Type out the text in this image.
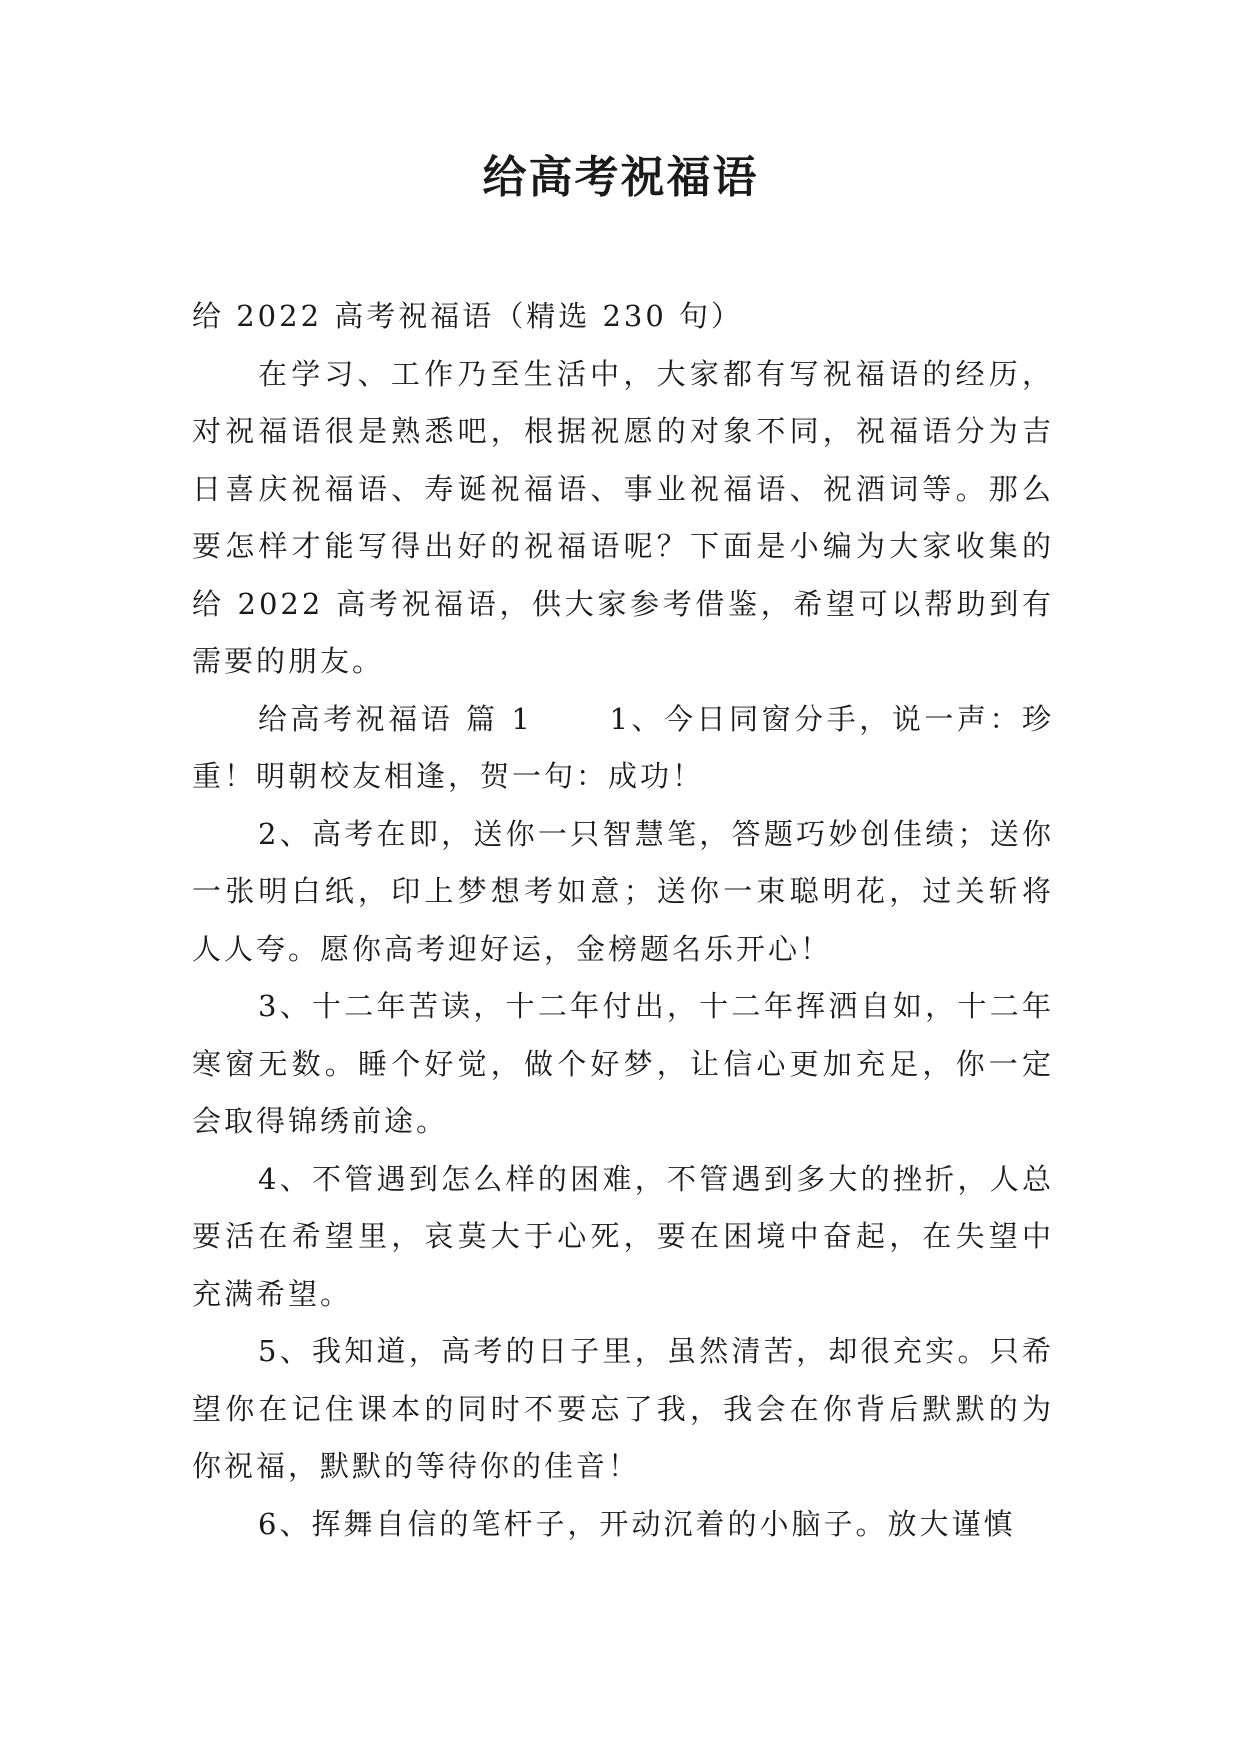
给高考祝福语

给 2022 高考祝福语（精选 230 句）

在学习、工作乃至生活中，大家都有写祝福语的经历，对祝福语很是熟悉吧，根据祝愿的对象不同，祝福语分为吉日喜庆祝福语、寿诞祝福语、事业祝福语、祝酒词等。那么要怎样才能写得出好的祝福语呢？下面是小编为大家收集的给 2022 高考祝福语，供大家参考借鉴，希望可以帮助到有需要的朋友。

给高考祝福语 篇 1	1、今日同窗分手，说一声：珍重！明朝校友相逢，贺一句：成功！

2、高考在即，送你一只智慧笔，答题巧妙创佳绩；送你一张明白纸，印上梦想考如意；送你一束聪明花，过关斩将人人夸。愿你高考迎好运，金榜题名乐开心！

3、十二年苦读，十二年付出，十二年挥洒自如，十二年寒窗无数。睡个好觉，做个好梦，让信心更加充足，你一定会取得锦绣前途。

4、不管遇到怎么样的困难，不管遇到多大的挫折，人总要活在希望里，哀莫大于心死，要在困境中奋起，在失望中充满希望。

5、我知道，高考的日子里，虽然清苦，却很充实。只希望你在记住课本的同时不要忘了我，我会在你背后默默的为你祝福，默默的等待你的佳音！

6、挥舞自信的笔杆子，开动沉着的小脑子。放大谨慎
